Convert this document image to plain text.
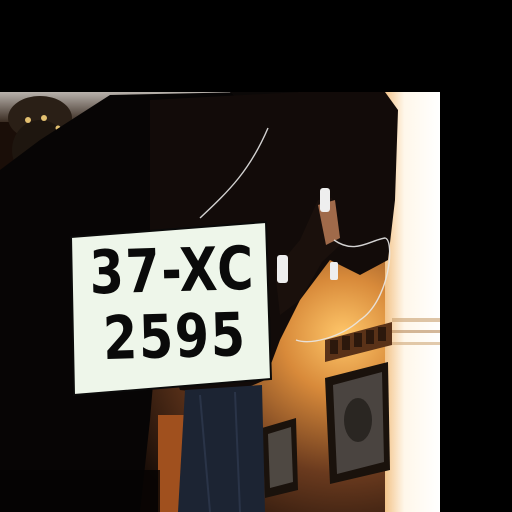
37-XC
2595
